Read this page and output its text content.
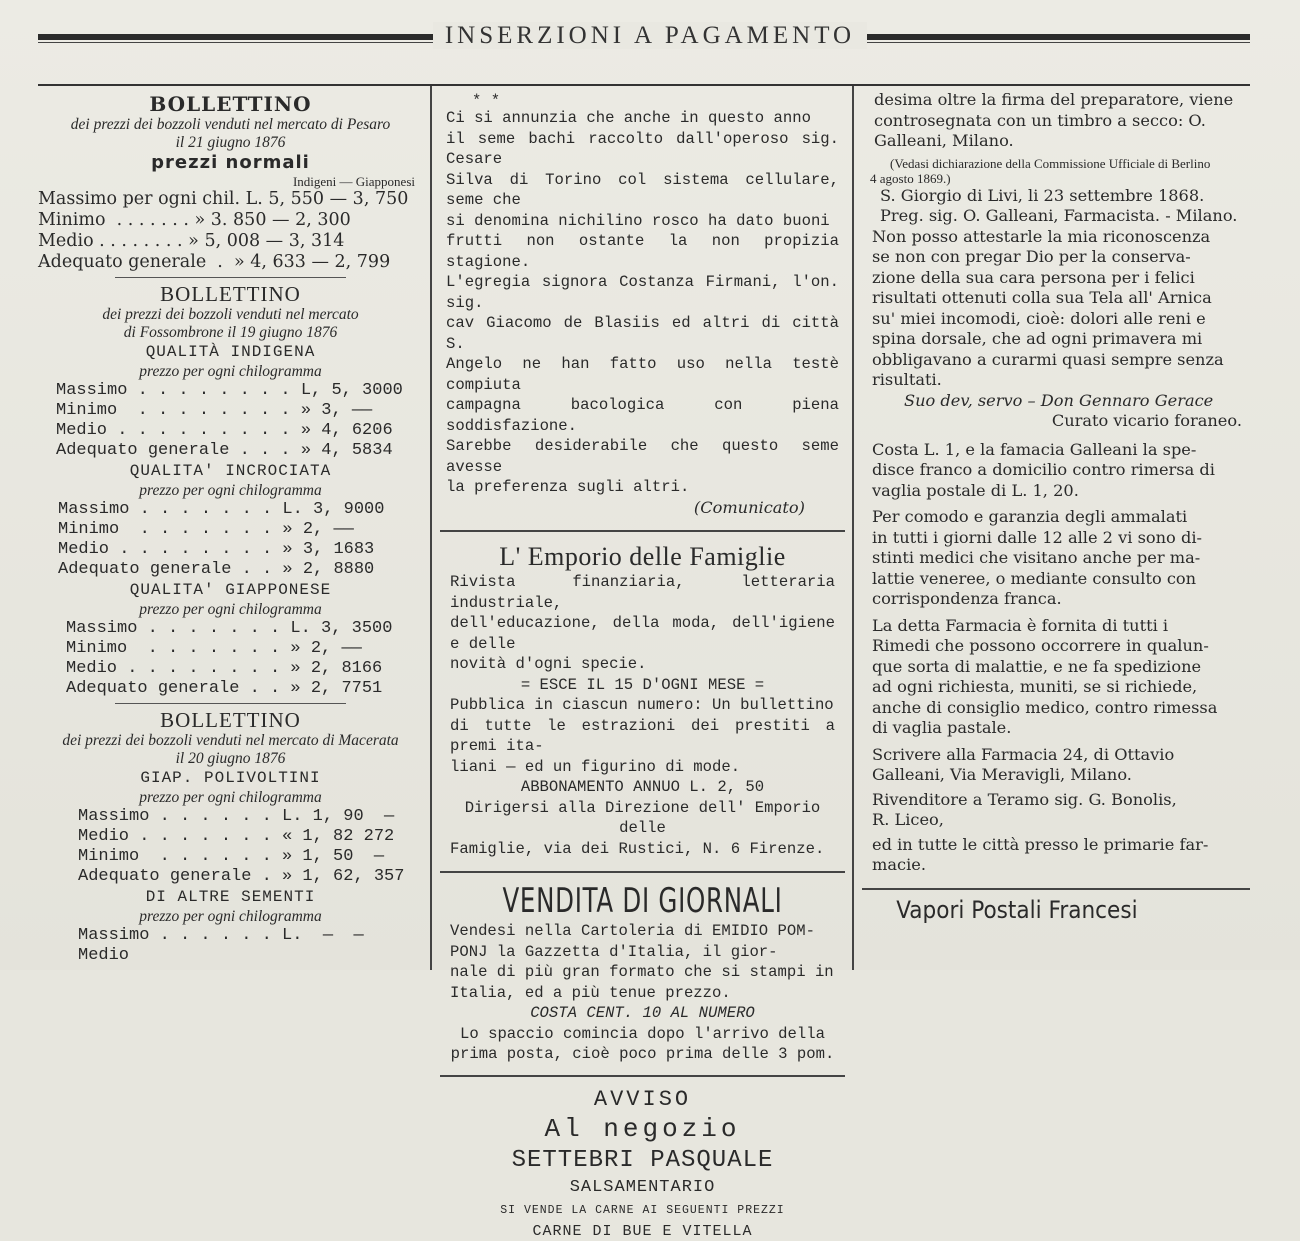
INSERZIONI A PAGAMENTO
BOLLETTINO
dei prezzi dei bozzoli venduti nel mercato di Pesaro
il 21 giugno 1876
prezzi normali
Indigeni — Giapponesi
Massimo per ogni chil. L. 5, 550 — 3, 750
Minimo  . . . . . . . » 3. 850 — 2, 300
Medio . . . . . . . . » 5, 008 — 3, 314
Adequato generale  .  » 4, 633 — 2, 799
BOLLETTINO
dei prezzi dei bozzoli venduti nel mercato
di Fossombrone il 19 giugno 1876
QUALITÀ INDIGENA
prezzo per ogni chilogramma
Massimo . . . . . . . . L, 5, 3000
Minimo  . . . . . . . . » 3, ——
Medio . . . . . . . . . » 4, 6206
Adequato generale . . . » 4, 5834
QUALITA' INCROCIATA
prezzo per ogni chilogramma
Massimo . . . . . . . L. 3, 9000
Minimo  . . . . . . . » 2, ——
Medio . . . . . . . . » 3, 1683
Adequato generale . . » 2, 8880
QUALITA' GIAPPONESE
prezzo per ogni chilogramma
Massimo . . . . . . . L. 3, 3500
Minimo  . . . . . . . » 2, ——
Medio . . . . . . . . » 2, 8166
Adequato generale . . » 2, 7751
BOLLETTINO
dei prezzi dei bozzoli venduti nel mercato di Macerata
il 20 giugno 1876
GIAP. POLIVOLTINI
prezzo per ogni chilogramma
Massimo . . . . . . L. 1, 90  —
Medio . . . . . . . « 1, 82 272
Minimo  . . . . . . » 1, 50  —
Adequato generale . » 1, 62, 357
DI ALTRE SEMENTI
prezzo per ogni chilogramma
Massimo . . . . . . L.  —  —
Medio
* *
Ci si annunzia che anche in questo anno
il seme bachi raccolto dall'operoso sig. Cesare
Silva di Torino col sistema cellulare, seme che
si denomina nichilino rosco ha dato buoni
frutti non ostante la non propizia stagione.
L'egregia signora Costanza Firmani, l'on. sig.
cav Giacomo de Blasiis ed altri di città S.
Angelo ne han fatto uso nella testè compiuta
campagna bacologica con piena soddisfazione.
Sarebbe desiderabile che questo seme avesse
la preferenza sugli altri.
(Comunicato)
L' Emporio delle Famiglie
Rivista finanziaria, letteraria industriale,
dell'educazione, della moda, dell'igiene e delle
novità d'ogni specie.
= ESCE IL 15 D'OGNI MESE =
Pubblica in ciascun numero: Un bullettino
di tutte le estrazioni dei prestiti a premi ita-
liani — ed un figurino di mode.
ABBONAMENTO ANNUO L. 2, 50
Dirigersi alla Direzione dell' Emporio delle
Famiglie, via dei Rustici, N. 6 Firenze.
VENDITA DI GIORNALI
Vendesi nella Cartoleria di EMIDIO POM-
PONJ la Gazzetta d'Italia, il gior-
nale di più gran formato che si stampi in
Italia, ed a più tenue prezzo.
COSTA CENT. 10 AL NUMERO
Lo spaccio comincia dopo l'arrivo della
prima posta, cioè poco prima delle 3 pom.
AVVISO
Al negozio
SETTEBRI PASQUALE
SALSAMENTARIO
SI VENDE LA CARNE AI SEGUENTI PREZZI
CARNE DI BUE E VITELLA
desima oltre la firma del preparatore, viene
controsegnata con un timbro a secco: O.
Galleani, Milano.
(Vedasi dichiarazione della Commissione Ufficiale di Berlino
4 agosto 1869.)
S. Giorgio di Livi, li 23 settembre 1868.
Preg. sig. O. Galleani, Farmacista. - Milano.
Non posso attestarle la mia riconoscenza
se non con pregar Dio per la conserva-
zione della sua cara persona per i felici
risultati ottenuti colla sua Tela all' Arnica
su' miei incomodi, cioè: dolori alle reni e
spina dorsale, che ad ogni primavera mi
obbligavano a curarmi quasi sempre senza
risultati.
Suo dev, servo – Don Gennaro Gerace
Curato vicario foraneo.
Costa L. 1, e la famacia Galleani la spe-
disce franco a domicilio contro rimersa di
vaglia postale di L. 1, 20.
Per comodo e garanzia degli ammalati
in tutti i giorni dalle 12 alle 2 vi sono di-
stinti medici che visitano anche per ma-
lattie veneree, o mediante consulto con
corrispondenza franca.
La detta Farmacia è fornita di tutti i
Rimedi che possono occorrere in qualun-
que sorta di malattie, e ne fa spedizione
ad ogni richiesta, muniti, se si richiede,
anche di consiglio medico, contro rimessa
di vaglia pastale.
Scrivere alla Farmacia 24, di Ottavio
Galleani, Via Meravigli, Milano.
Rivenditore a Teramo sig. G. Bonolis,
R. Liceo,
ed in tutte le città presso le primarie far-
macie.
Vapori Postali Francesi
